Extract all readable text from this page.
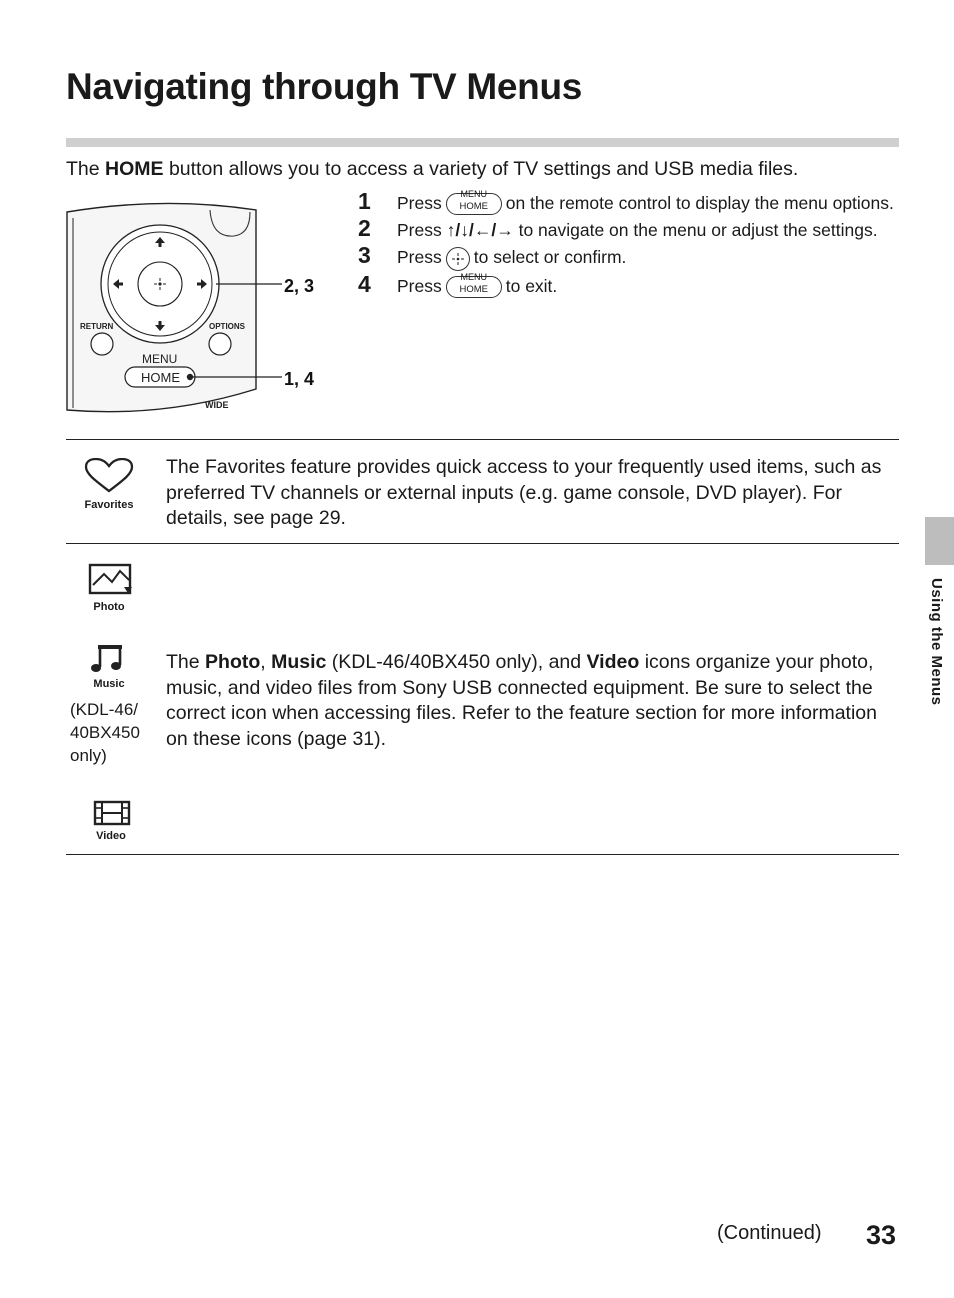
Navigating through TV Menus
The HOME button allows you to access a variety of TV settings and USB media files.
RETURN	OPTIONS
MENU
HOME
WIDE
2, 3
1, 4
1 Press	MENU
HOME	on the remote control to display the menu options.
2 Press ↑/↓/←/→ to navigate on the menu or adjust the settings.
3 Press to select or confirm.
4 Press	MENU
HOME	to exit.
Favorites
The Favorites feature provides quick access to your frequently used items, such as preferred TV channels or external inputs (e.g. game console, DVD player). For details, see page 29.
Photo
Music
(KDL-46/
40BX450
only)
Video
The Photo, Music (KDL-46/40BX450 only), and Video icons organize your photo, music, and video files from Sony USB connected equipment. Be sure to select the correct icon when accessing files. Refer to the feature section for more information on these icons (page 31).
Using the Menus
(Continued) 33
